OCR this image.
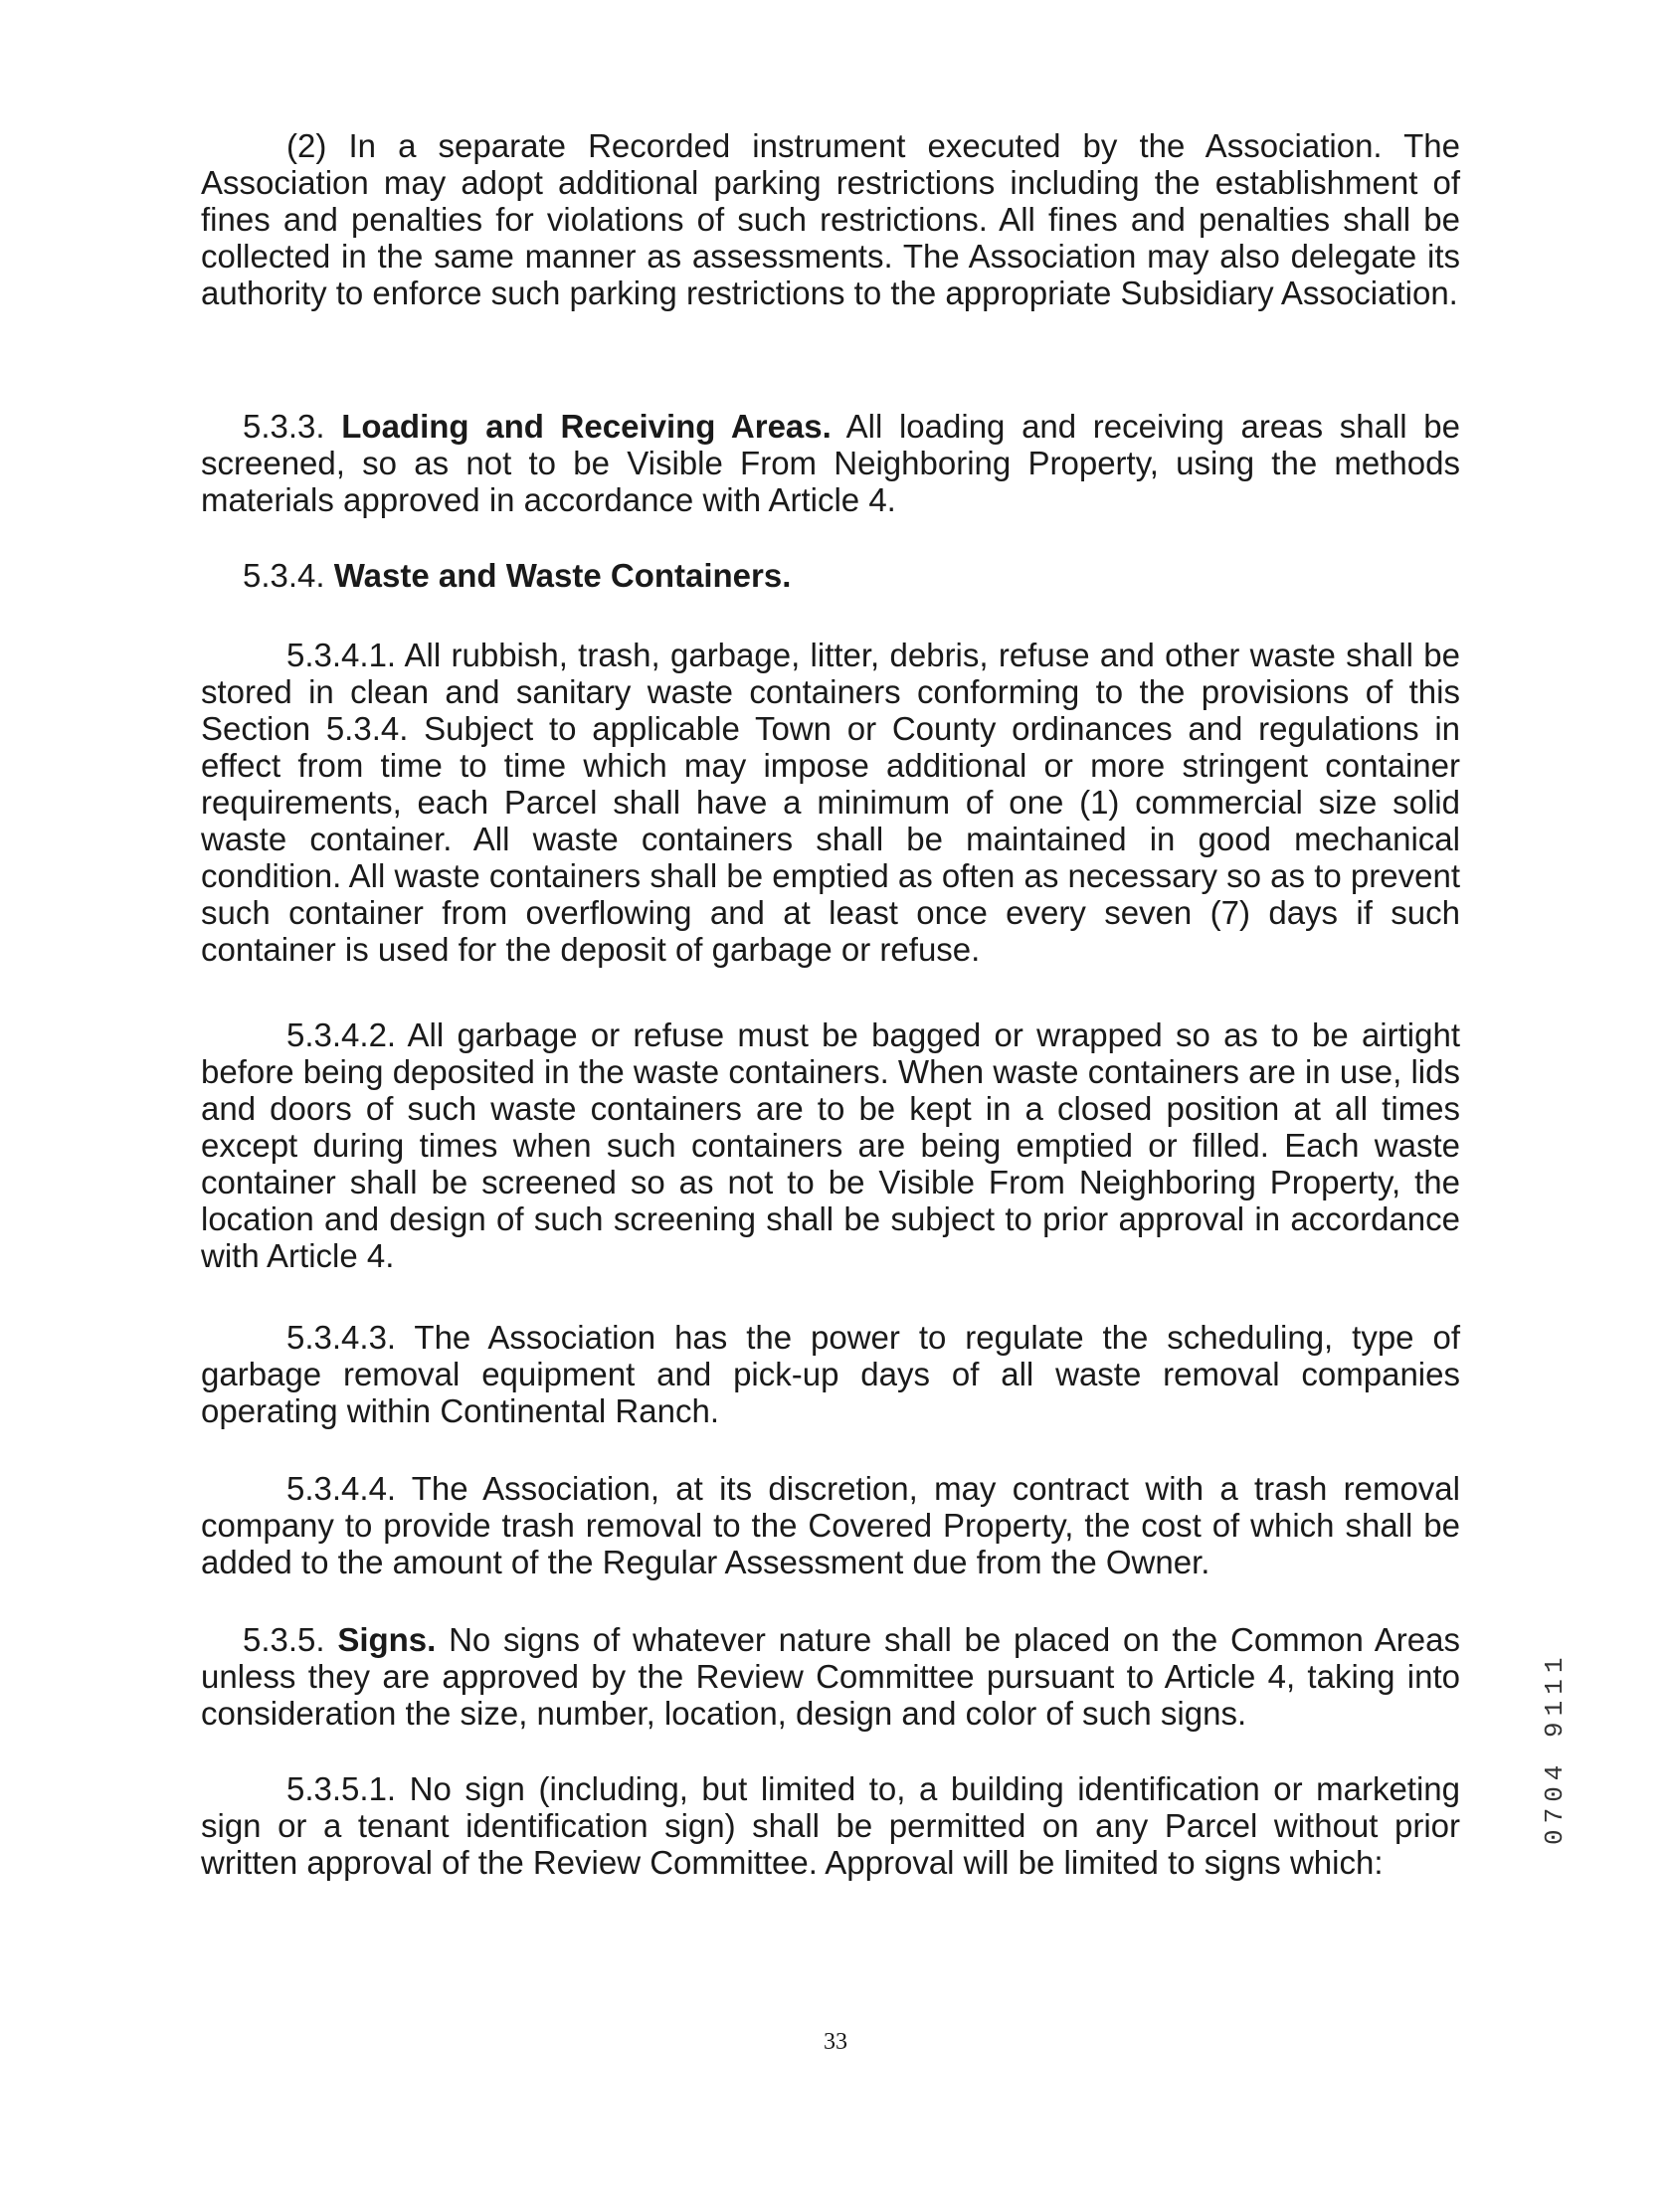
(2) In a separate Recorded instrument executed by the Association. The Association may adopt additional parking restrictions including the establishment of fines and penalties for violations of such restrictions. All fines and penalties shall be collected in the same manner as assessments. The Association may also delegate its authority to enforce such parking restrictions to the appropriate Subsidiary Association.

5.3.3. Loading and Receiving Areas. All loading and receiving areas shall be screened, so as not to be Visible From Neighboring Property, using the methods materials approved in accordance with Article 4.

5.3.4. Waste and Waste Containers.

5.3.4.1. All rubbish, trash, garbage, litter, debris, refuse and other waste shall be stored in clean and sanitary waste containers conforming to the provisions of this Section 5.3.4. Subject to applicable Town or County ordinances and regulations in effect from time to time which may impose additional or more stringent container requirements, each Parcel shall have a minimum of one (1) commercial size solid waste container. All waste containers shall be maintained in good mechanical condition. All waste containers shall be emptied as often as necessary so as to prevent such container from overflowing and at least once every seven (7) days if such container is used for the deposit of garbage or refuse.

5.3.4.2. All garbage or refuse must be bagged or wrapped so as to be airtight before being deposited in the waste containers. When waste containers are in use, lids and doors of such waste containers are to be kept in a closed position at all times except during times when such containers are being emptied or filled. Each waste container shall be screened so as not to be Visible From Neighboring Property, the location and design of such screening shall be subject to prior approval in accordance with Article 4.

5.3.4.3. The Association has the power to regulate the scheduling, type of garbage removal equipment and pick-up days of all waste removal companies operating within Continental Ranch.

5.3.4.4. The Association, at its discretion, may contract with a trash removal company to provide trash removal to the Covered Property, the cost of which shall be added to the amount of the Regular Assessment due from the Owner.

5.3.5. Signs. No signs of whatever nature shall be placed on the Common Areas unless they are approved by the Review Committee pursuant to Article 4, taking into consideration the size, number, location, design and color of such signs.

5.3.5.1. No sign (including, but limited to, a building identification or marketing sign or a tenant identification sign) shall be permitted on any Parcel without prior written approval of the Review Committee. Approval will be limited to signs which:

0704 9111
33
